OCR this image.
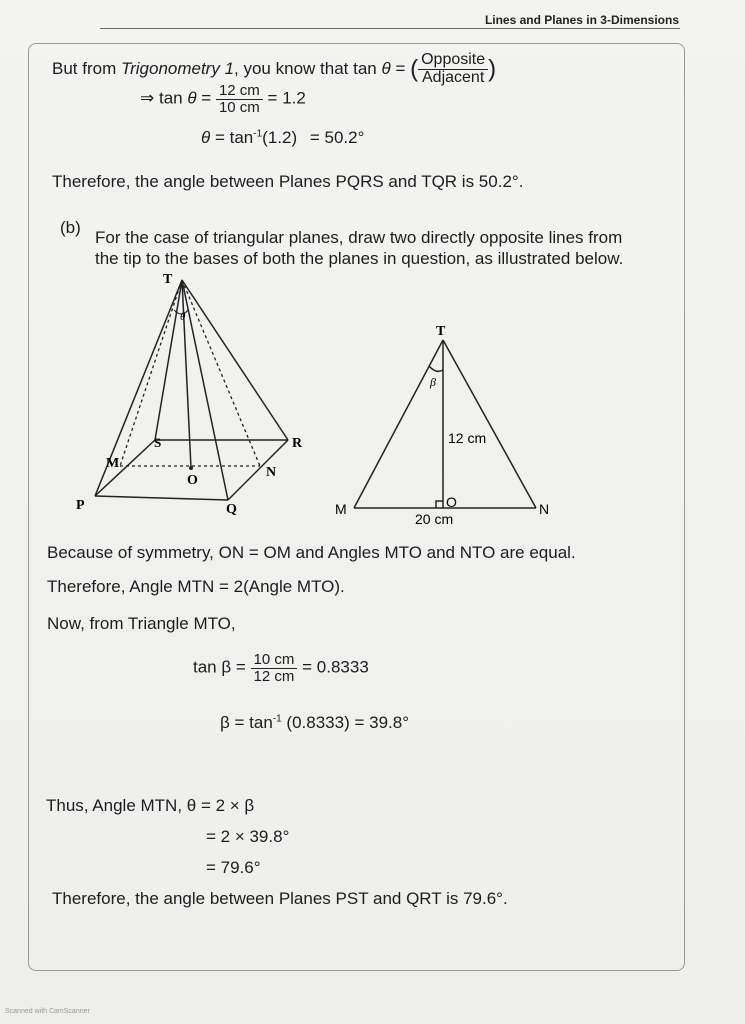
Lines and Planes in 3-Dimensions
But from Trigonometry 1, you know that tan θ = ( $\frac{\text{Opposite}}{\text{Adjacent}}$ )
⇒ $\tan \theta = \frac{12 cm}{10 cm} = 1.2$
$\theta = \tan^{-1}(1.2) = 50.2^\circ$
Therefore, the angle between Planes PQRS and TQR is 50.2°.
(b)
For the case of triangular planes, draw two directly opposite lines from
the tip to the bases of both the planes in question, as illustrated below.
T
θ
S	R
M
O
N
P	Q
T
β
12 cm
M	O	N
20 cm
Because of symmetry, ON = OM and Angles MTO and NTO are equal.
Therefore, Angle MTN = 2(Angle MTO).
Now, from Triangle MTO,
$\tan \beta = \frac{10 cm}{12 cm} = 0.8333$
$\beta = \tan^{-1} (0.8333) = 39.8^\circ$
Thus, Angle MTN, θ = 2 × β
= 2 × 39.8°
= 79.6°
Therefore, the angle between Planes PST and QRT is 79.6°.
Scanned with CamScanner
